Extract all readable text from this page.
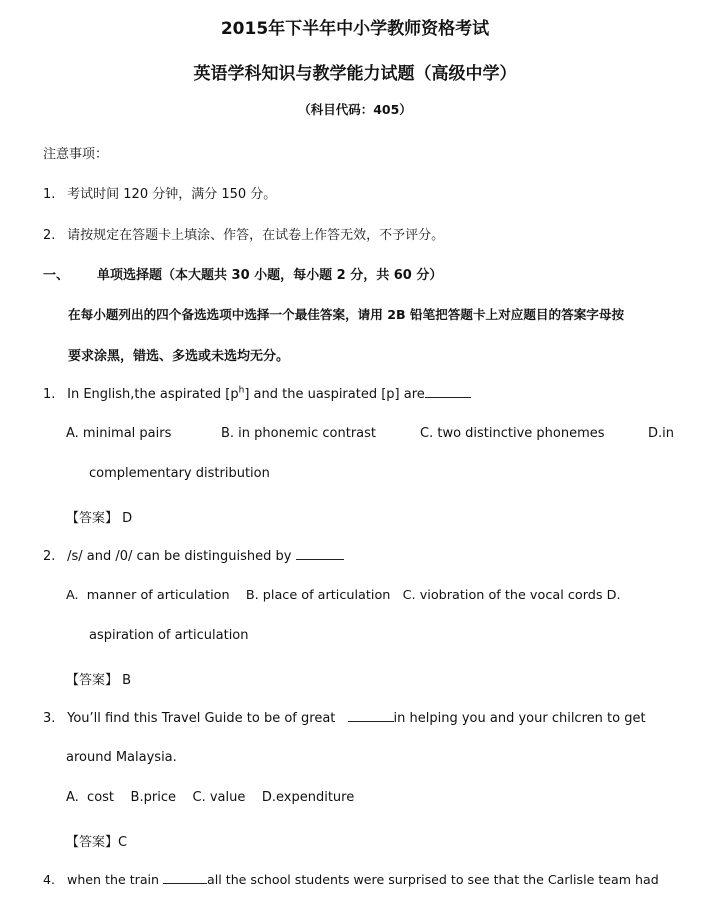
2015年下半年中小学教师资格考试
英语学科知识与教学能力试题（高级中学）
（科目代码：405）
注意事项：
1. 考试时间 120 分钟，满分 150 分。
2. 请按规定在答题卡上填涂、作答，在试卷上作答无效，不予评分。
一、 单项选择题（本大题共 30 小题，每小题 2 分，共 60 分）
在每小题列出的四个备选选项中选择一个最佳答案，请用 2B 铅笔把答题卡上对应题目的答案字母按
要求涂黑，错选、多选或未选均无分。
1. In English,the aspirated $[p^h]$ and the uaspirated [p] are
A. minimal pairs	B. in phonemic contrast	C. two distinctive phonemes	D.in
complementary distribution
【答案】 D
2. /s/ and /0/ can be distinguished by
A.  manner of articulation    B. place of articulation   C. viobration of the vocal cords D.
aspiration of articulation
【答案】 B
3. You’ll find this Travel Guide to be of great	in helping you and your chilcren to get
around Malaysia.
A.  cost    B.price    C. value    D.expenditure
【答案】C
4. when the train	all the school students were surprised to see that the Carlisle team had
